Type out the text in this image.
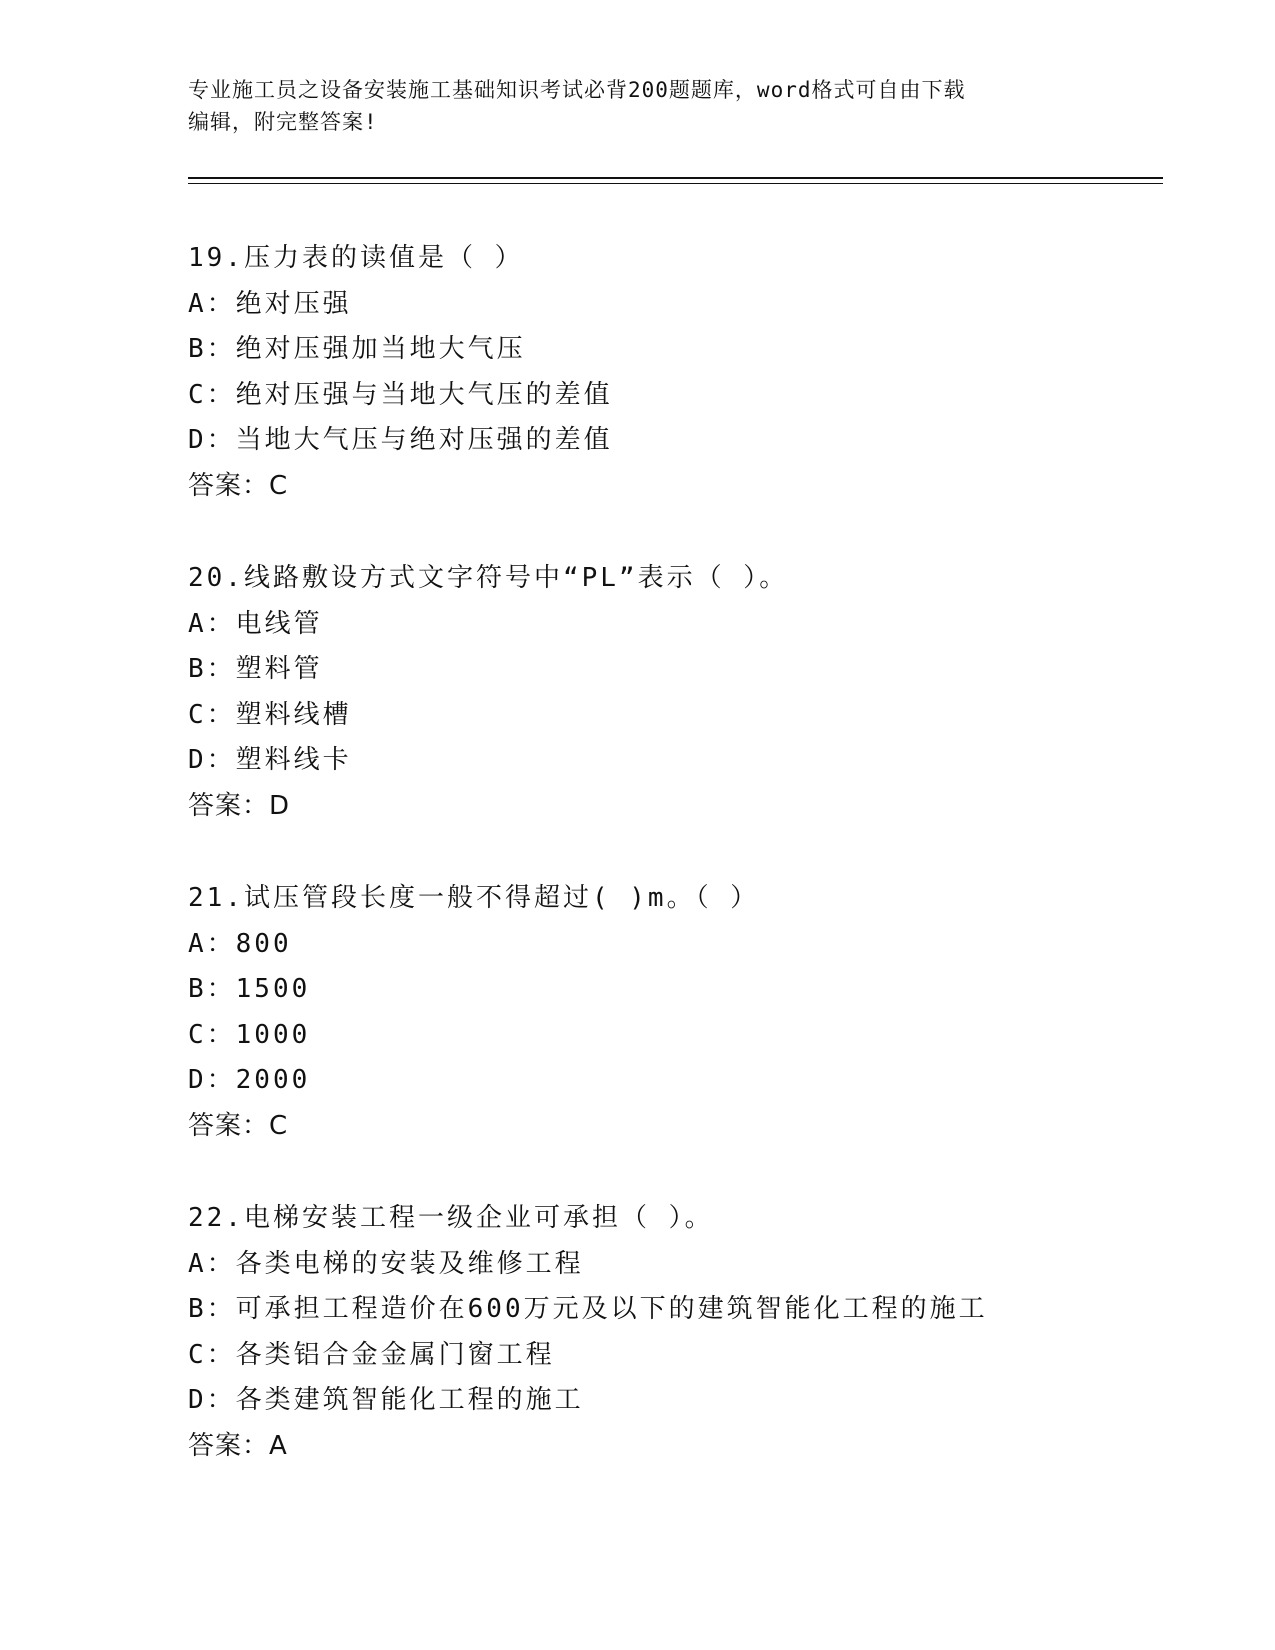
专业施工员之设备安装施工基础知识考试必背200题题库，word格式可自由下载
编辑，附完整答案!
19.压力表的读值是（ ）
A：绝对压强
B：绝对压强加当地大气压
C：绝对压强与当地大气压的差值
D：当地大气压与绝对压强的差值
答案：C
20.线路敷设方式文字符号中“PL”表示（ ）。
A：电线管
B：塑料管
C：塑料线槽
D：塑料线卡
答案：D
21.试压管段长度一般不得超过( )m。（ ）
A：800
B：1500
C：1000
D：2000
答案：C
22.电梯安装工程一级企业可承担（ ）。
A：各类电梯的安装及维修工程
B：可承担工程造价在600万元及以下的建筑智能化工程的施工
C：各类铝合金金属门窗工程
D：各类建筑智能化工程的施工
答案：A
